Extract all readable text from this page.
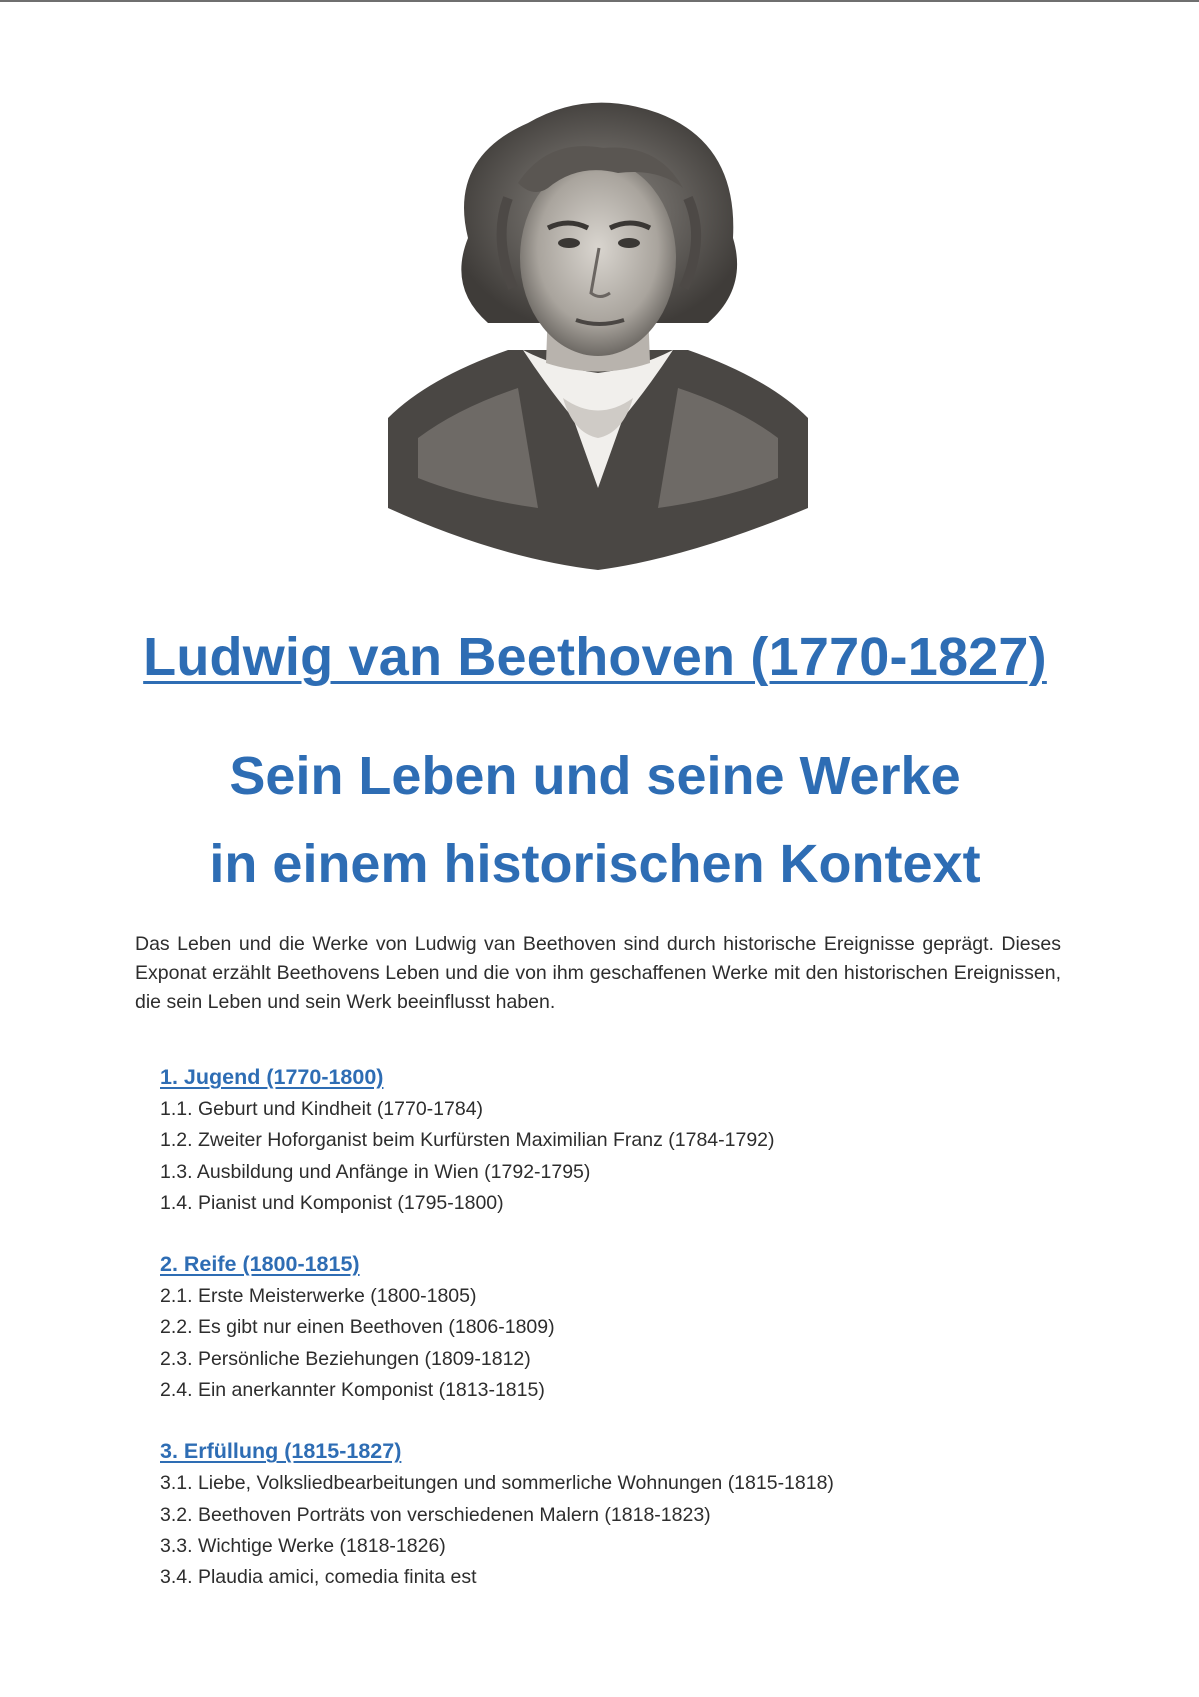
Ludwig van Beethoven (1770-1827)
Sein Leben und seine Werke
in einem historischen Kontext

Das Leben und die Werke von Ludwig van Beethoven sind durch historische Ereignisse geprägt. Dieses Exponat erzählt Beethovens Leben und die von ihm geschaffenen Werke mit den historischen Ereignissen, die sein Leben und sein Werk beeinflusst haben.

1. Jugend (1770-1800)

1.1. Geburt und Kindheit (1770-1784)

1.2. Zweiter Hoforganist beim Kurfürsten Maximilian Franz (1784-1792)

1.3. Ausbildung und Anfänge in Wien (1792-1795)

1.4. Pianist und Komponist (1795-1800)

2. Reife (1800-1815)

2.1. Erste Meisterwerke (1800-1805)

2.2. Es gibt nur einen Beethoven (1806-1809)

2.3. Persönliche Beziehungen (1809-1812)

2.4. Ein anerkannter Komponist (1813-1815)

3. Erfüllung (1815-1827)

3.1. Liebe, Volksliedbearbeitungen und sommerliche Wohnungen (1815-1818)

3.2. Beethoven Porträts von verschiedenen Malern (1818-1823)

3.3. Wichtige Werke (1818-1826)

3.4. Plaudia amici, comedia finita est
